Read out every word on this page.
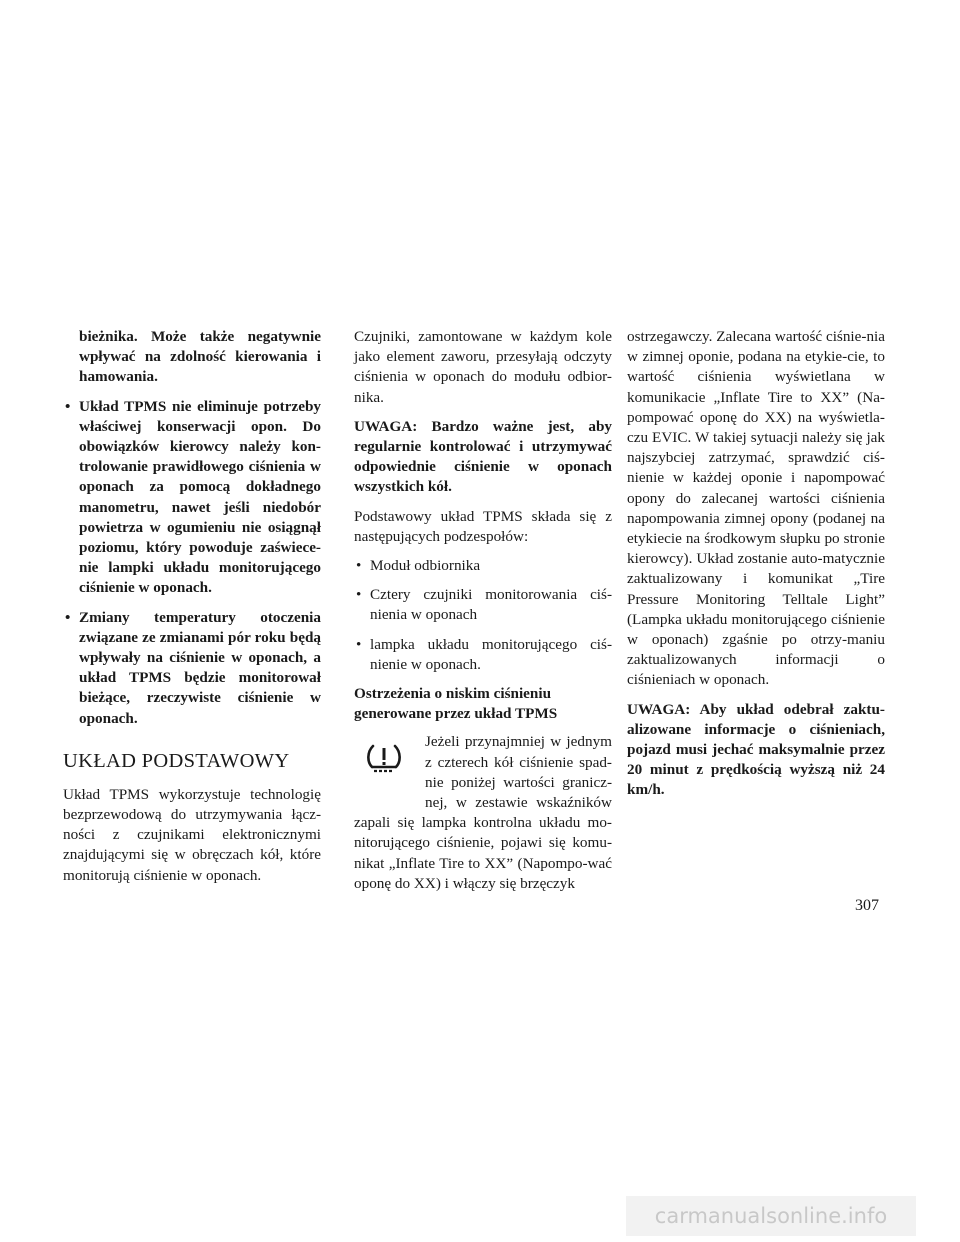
bieżnika. Może także negatywnie wpływać na zdolność kierowania i hamowania.

• Układ TPMS nie eliminuje potrzeby właściwej konserwacji opon. Do obowiązków kierowcy należy kon-trolowanie prawidłowego ciśnienia w oponach za pomocą dokładnego manometru, nawet jeśli niedobór powietrza w ogumieniu nie osiągnął poziomu, który powoduje zaświece-nie lampki układu monitorującego ciśnienie w oponach.
• Zmiany temperatury otoczenia związane ze zmianami pór roku będą wpływały na ciśnienie w oponach, a układ TPMS będzie monitorował bieżące, rzeczywiste ciśnienie w oponach.
UKŁAD PODSTAWOWY

Układ TPMS wykorzystuje technologię bezprzewodową do utrzymywania łącz-ności z czujnikami elektronicznymi znajdującymi się w obręczach kół, które monitorują ciśnienie w oponach.

Czujniki, zamontowane w każdym kole jako element zaworu, przesyłają odczyty ciśnienia w oponach do modułu odbior-nika.

UWAGA: Bardzo ważne jest, aby regularnie kontrolować i utrzymywać odpowiednie ciśnienie w oponach wszystkich kół.

Podstawowy układ TPMS składa się z następujących podzespołów:

• Moduł odbiornika
• Cztery czujniki monitorowania ciś-nienia w oponach
• lampka układu monitorującego ciś-nienie w oponach.

Ostrzeżenia o niskim ciśnieniu generowane przez układ TPMS

Jeżeli przynajmniej w jednym

z czterech kół ciśnienie spad-

nie poniżej wartości granicz-

nej, w zestawie wskaźników

zapali się lampka kontrolna układu mo-nitorującego ciśnienie, pojawi się komu-nikat „Inflate Tire to XX” (Napompo-wać oponę do XX) i włączy się brzęczyk

ostrzegawczy. Zalecana wartość ciśnie-nia w zimnej oponie, podana na etykie-cie, to wartość ciśnienia wyświetlana w komunikacie „Inflate Tire to XX” (Na-pompować oponę do XX) na wyświetla-czu EVIC. W takiej sytuacji należy się jak najszybciej zatrzymać, sprawdzić ciś-nienie w każdej oponie i napompować opony do zalecanej wartości ciśnienia napompowania zimnej opony (podanej na etykiecie na środkowym słupku po stronie kierowcy). Układ zostanie auto-matycznie zaktualizowany i komunikat „Tire Pressure Monitoring Telltale Light” (Lampka układu monitorującego ciśnienie w oponach) zgaśnie po otrzy-maniu zaktualizowanych informacji o ciśnieniach w oponach.

UWAGA: Aby układ odebrał zaktu-alizowane informacje o ciśnieniach, pojazd musi jechać maksymalnie przez 20 minut z prędkością wyższą niż 24 km/h.

307
carmanualsonline.info
